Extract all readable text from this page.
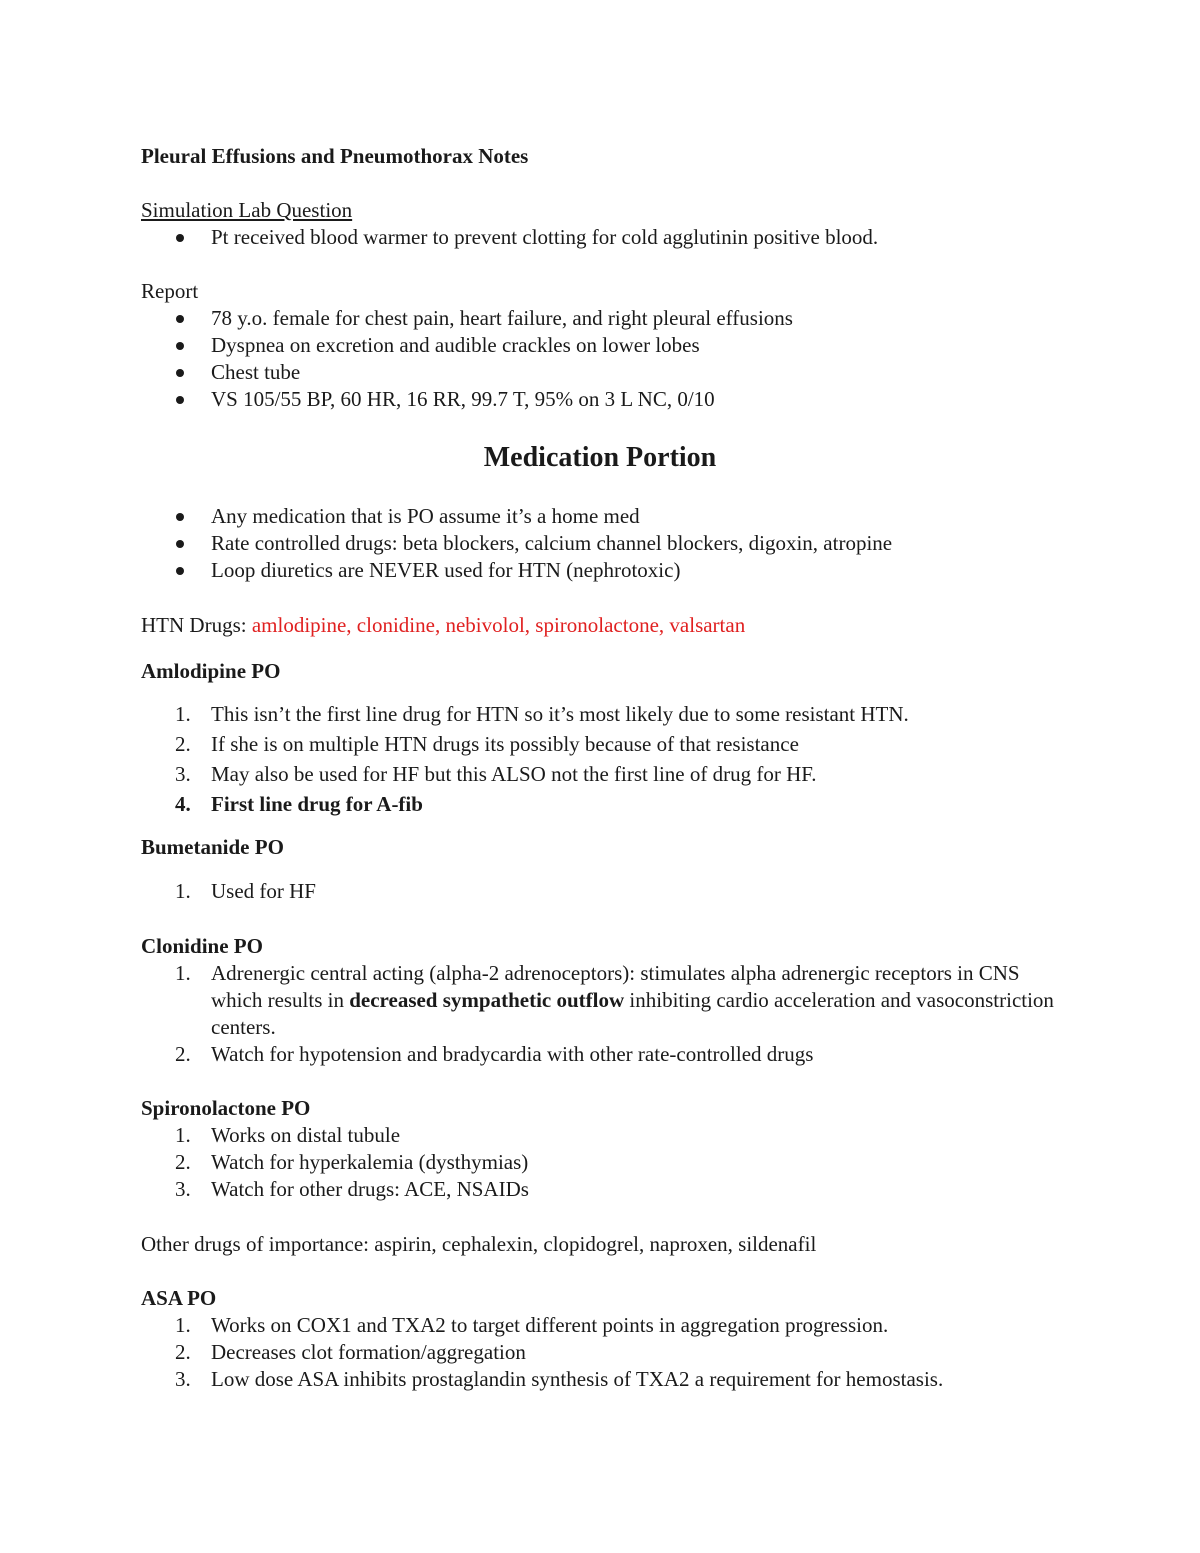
Pleural Effusions and Pneumothorax Notes
Simulation Lab Question
Pt received blood warmer to prevent clotting for cold agglutinin positive blood.
Report
78 y.o. female for chest pain, heart failure, and right pleural effusions
Dyspnea on excretion and audible crackles on lower lobes
Chest tube
VS 105/55 BP, 60 HR, 16 RR, 99.7 T, 95% on 3 L NC, 0/10
Medication Portion
Any medication that is PO assume it’s a home med
Rate controlled drugs: beta blockers, calcium channel blockers, digoxin, atropine
Loop diuretics are NEVER used for HTN (nephrotoxic)
HTN Drugs: amlodipine, clonidine, nebivolol, spironolactone, valsartan
Amlodipine PO
1. This isn’t the first line drug for HTN so it’s most likely due to some resistant HTN.
2. If she is on multiple HTN drugs its possibly because of that resistance
3. May also be used for HF but this ALSO not the first line of drug for HF.
4. First line drug for A-fib
Bumetanide PO
1. Used for HF
Clonidine PO
1. Adrenergic central acting (alpha-2 adrenoceptors): stimulates alpha adrenergic receptors in CNS which results in decreased sympathetic outflow inhibiting cardio acceleration and vasoconstriction centers.
2. Watch for hypotension and bradycardia with other rate-controlled drugs
Spironolactone PO
1. Works on distal tubule
2. Watch for hyperkalemia (dysthymias)
3. Watch for other drugs: ACE, NSAIDs
Other drugs of importance: aspirin, cephalexin, clopidogrel, naproxen, sildenafil
ASA PO
1. Works on COX1 and TXA2 to target different points in aggregation progression.
2. Decreases clot formation/aggregation
3. Low dose ASA inhibits prostaglandin synthesis of TXA2 a requirement for hemostasis.
